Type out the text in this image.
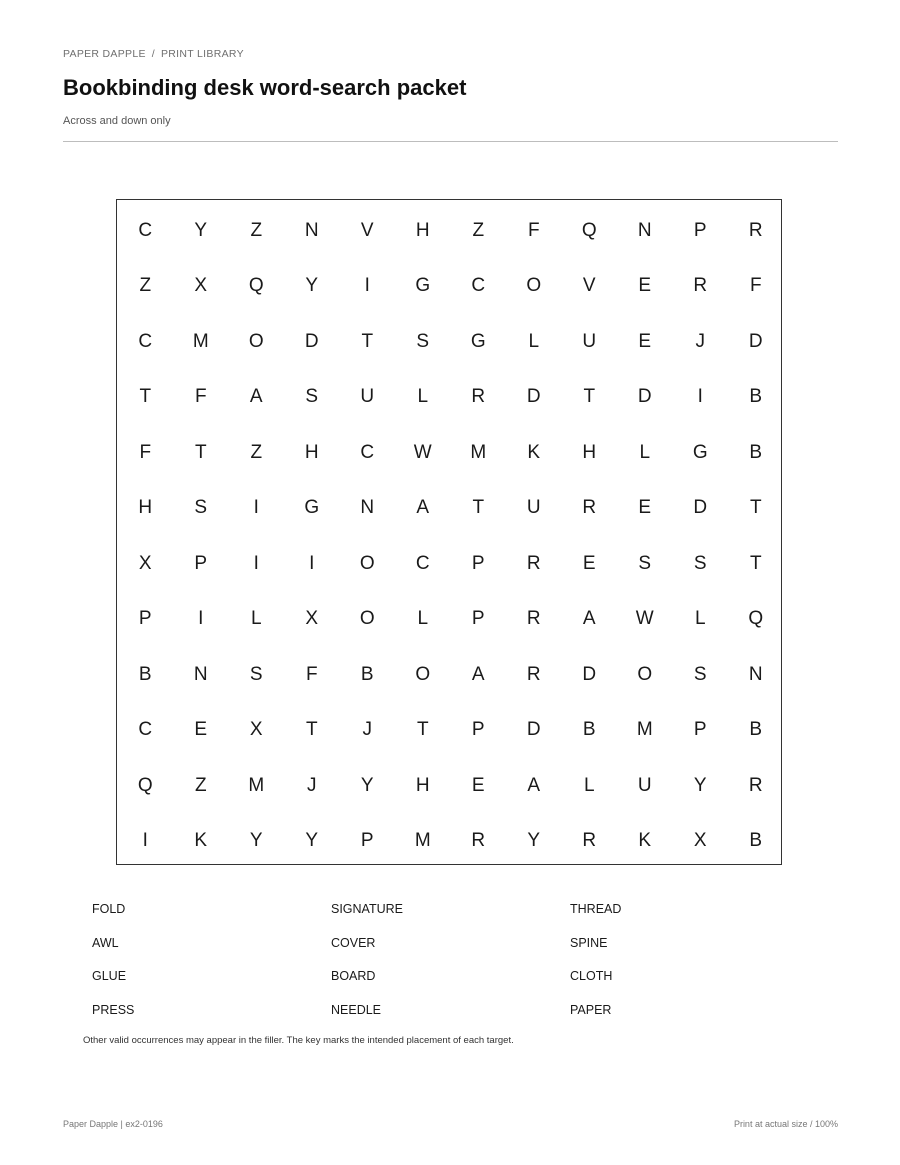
PAPER DAPPLE / PRINT LIBRARY
Bookbinding desk word-search packet
Across and down only
C	Y	Z	N	V	H	Z	F	Q	N	P	R
Z	X	Q	Y	I	G	C	O	V	E	R	F
C	M	O	D	T	S	G	L	U	E	J	D
T	F	A	S	U	L	R	D	T	D	I	B
F	T	Z	H	C	W	M	K	H	L	G	B
H	S	I	G	N	A	T	U	R	E	D	T
X	P	I	I	O	C	P	R	E	S	S	T
P	I	L	X	O	L	P	R	A	W	L	Q
B	N	S	F	B	O	A	R	D	O	S	N
C	E	X	T	J	T	P	D	B	M	P	B
Q	Z	M	J	Y	H	E	A	L	U	Y	R
I	K	Y	Y	P	M	R	Y	R	K	X	B
FOLD	SIGNATURE	THREAD
AWL	COVER	SPINE
GLUE	BOARD	CLOTH
PRESS	NEEDLE	PAPER
Other valid occurrences may appear in the filler. The key marks the intended placement of each target.
Paper Dapple | ex2-0196	Print at actual size / 100%
